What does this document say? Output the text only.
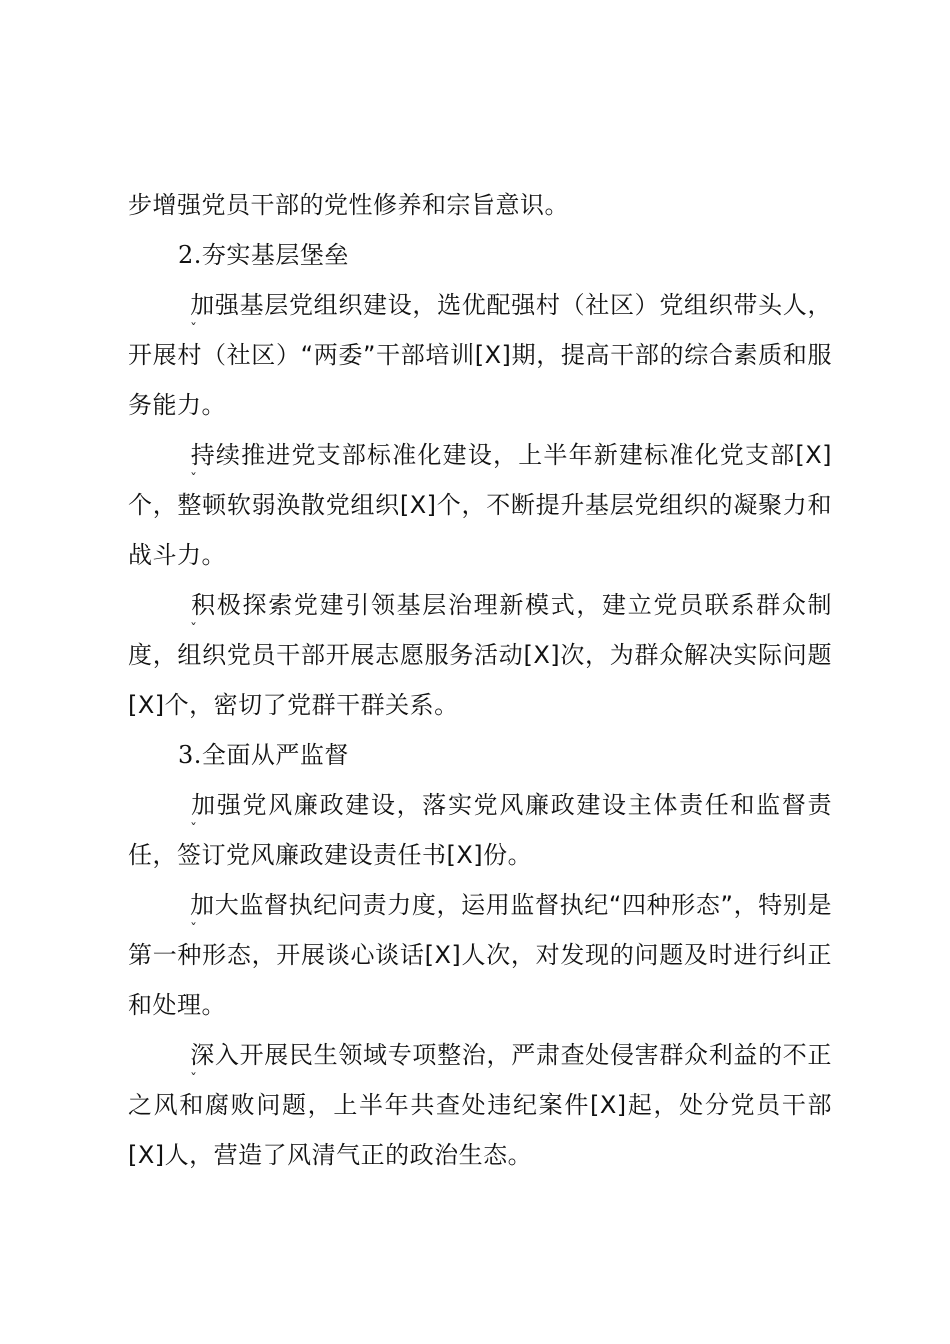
步增强党员干部的党性修养和宗旨意识。

2.夯实基层堡垒

ˇ
加强基层党组织建设，选优配强村（社区）党组织带头人，开展村（社区）“两委”干部培训[X]期，提高干部的综合素质和服务能力。

ˇ
持续推进党支部标准化建设，上半年新建标准化党支部[X]个，整顿软弱涣散党组织[X]个，不断提升基层党组织的凝聚力和战斗力。

ˇ
积极探索党建引领基层治理新模式，建立党员联系群众制度，组织党员干部开展志愿服务活动[X]次，为群众解决实际问题[X]个，密切了党群干群关系。

3.全面从严监督

ˇ
加强党风廉政建设，落实党风廉政建设主体责任和监督责任，签订党风廉政建设责任书[X]份。

ˇ
加大监督执纪问责力度，运用监督执纪“四种形态”，特别是第一种形态，开展谈心谈话[X]人次，对发现的问题及时进行纠正和处理。

ˇ
深入开展民生领域专项整治，严肃查处侵害群众利益的不正之风和腐败问题，上半年共查处违纪案件[X]起，处分党员干部[X]人，营造了风清气正的政治生态。
